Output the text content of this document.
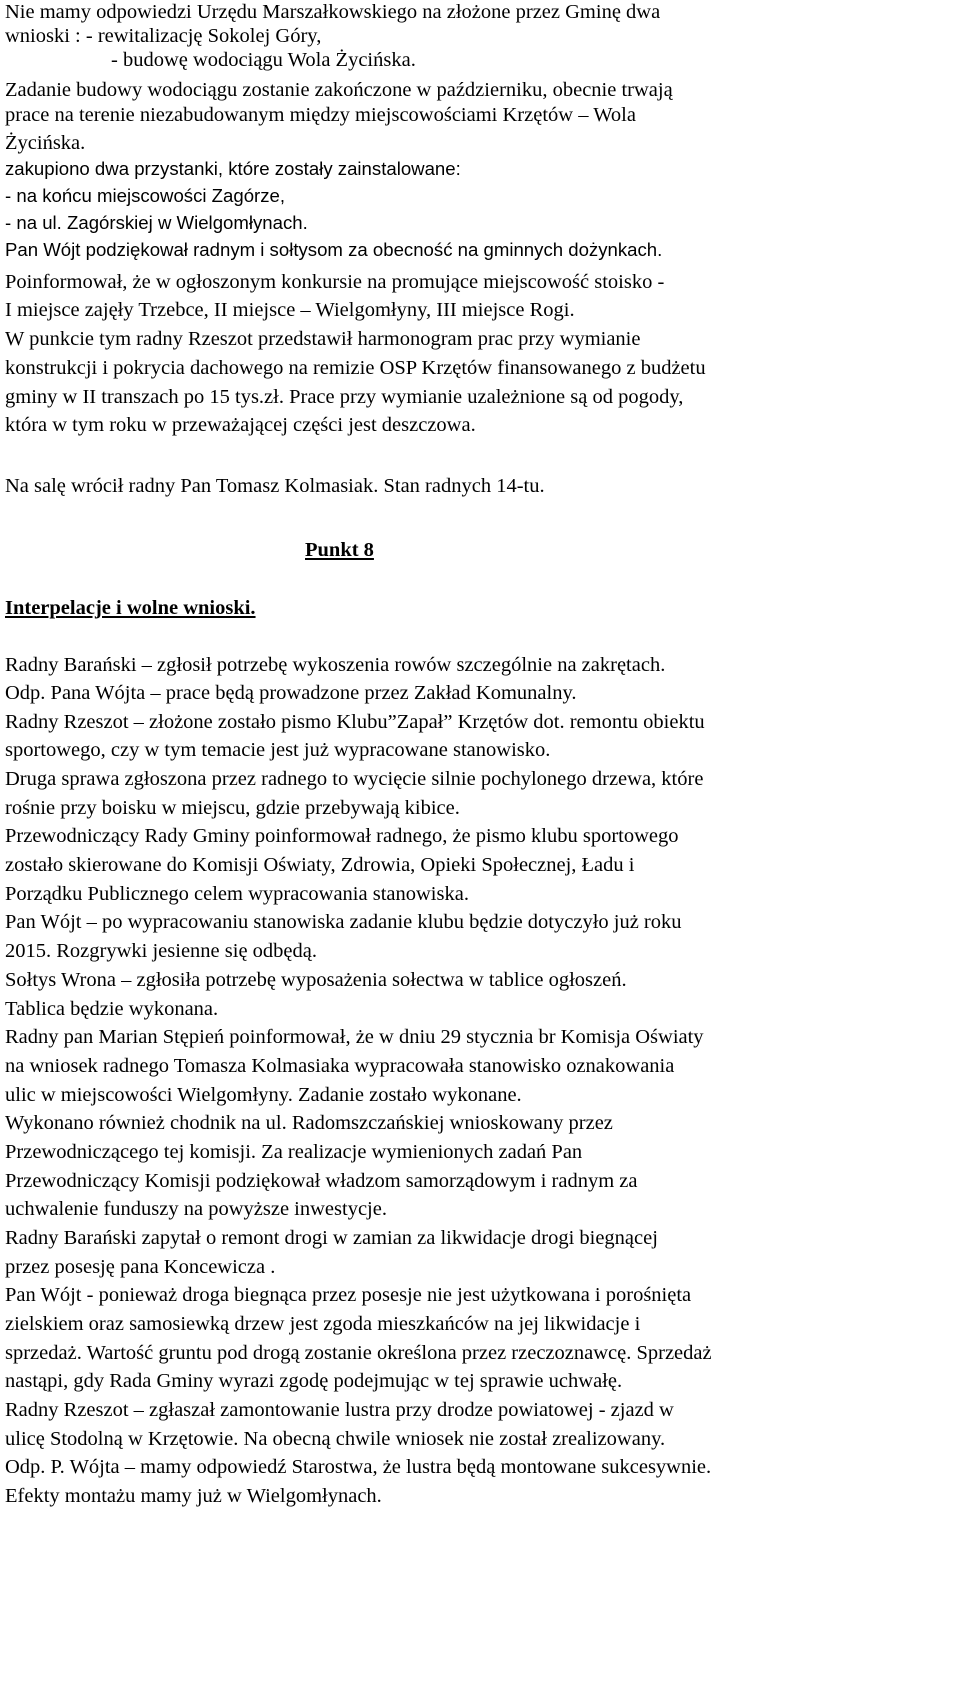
Nie mamy odpowiedzi Urzędu Marszałkowskiego na złożone przez Gminę dwa
wnioski : - rewitalizację Sokolej Góry,
- budowę wodociągu Wola Życińska.
Zadanie budowy wodociągu zostanie zakończone w październiku, obecnie trwają
prace na terenie niezabudowanym między miejscowościami Krzętów – Wola
Życińska.
zakupiono dwa przystanki, które zostały zainstalowane:
- na końcu miejscowości Zagórze,
- na ul. Zagórskiej w Wielgomłynach.
Pan Wójt podziękował radnym i sołtysom za obecność na gminnych dożynkach.
Poinformował, że w ogłoszonym konkursie na promujące miejscowość stoisko -
I miejsce zajęły Trzebce, II miejsce – Wielgomłyny, III miejsce Rogi.
W punkcie tym radny Rzeszot przedstawił harmonogram prac przy wymianie
konstrukcji i pokrycia dachowego na remizie OSP Krzętów finansowanego z budżetu
gminy w II transzach po 15 tys.zł. Prace przy wymianie uzależnione są od pogody,
która w tym roku w przeważającej części jest deszczowa.
Na salę wrócił radny Pan Tomasz Kolmasiak. Stan radnych 14-tu.
Punkt 8
Interpelacje i wolne wnioski.
Radny Barański – zgłosił potrzebę wykoszenia rowów szczególnie na zakrętach.
Odp. Pana Wójta – prace będą prowadzone przez Zakład Komunalny.
Radny Rzeszot – złożone zostało pismo Klubu”Zapał” Krzętów dot. remontu obiektu
sportowego, czy w tym temacie jest już wypracowane stanowisko.
Druga sprawa zgłoszona przez radnego to wycięcie silnie pochylonego drzewa, które
rośnie przy boisku w miejscu, gdzie przebywają kibice.
Przewodniczący Rady Gminy poinformował radnego, że pismo klubu sportowego
zostało skierowane do Komisji Oświaty, Zdrowia, Opieki Społecznej, Ładu i
Porządku Publicznego celem wypracowania stanowiska.
Pan Wójt – po wypracowaniu stanowiska zadanie klubu będzie dotyczyło już roku
2015. Rozgrywki jesienne się odbędą.
Sołtys Wrona – zgłosiła potrzebę wyposażenia sołectwa w tablice ogłoszeń.
Tablica będzie wykonana.
Radny pan Marian Stępień poinformował, że w dniu 29 stycznia br Komisja Oświaty
na wniosek radnego Tomasza Kolmasiaka wypracowała stanowisko oznakowania
ulic w miejscowości Wielgomłyny. Zadanie zostało wykonane.
Wykonano również chodnik na ul. Radomszczańskiej wnioskowany przez
Przewodniczącego tej komisji. Za realizacje wymienionych zadań Pan
Przewodniczący Komisji podziękował władzom samorządowym i radnym za
uchwalenie funduszy na powyższe inwestycje.
Radny Barański zapytał o remont drogi w zamian za likwidacje drogi biegnącej
przez posesję pana Koncewicza .
Pan Wójt - ponieważ droga biegnąca przez posesje nie jest użytkowana i porośnięta
zielskiem oraz samosiewką drzew jest zgoda mieszkańców na jej likwidacje i
sprzedaż. Wartość gruntu pod drogą zostanie określona przez rzeczoznawcę. Sprzedaż
nastąpi, gdy Rada Gminy wyrazi zgodę podejmując w tej sprawie uchwałę.
Radny Rzeszot – zgłaszał zamontowanie lustra przy drodze powiatowej - zjazd w
ulicę Stodolną w Krzętowie. Na obecną chwile wniosek nie został zrealizowany.
Odp. P. Wójta – mamy odpowiedź Starostwa, że lustra będą montowane sukcesywnie.
Efekty montażu mamy już w Wielgomłynach.
